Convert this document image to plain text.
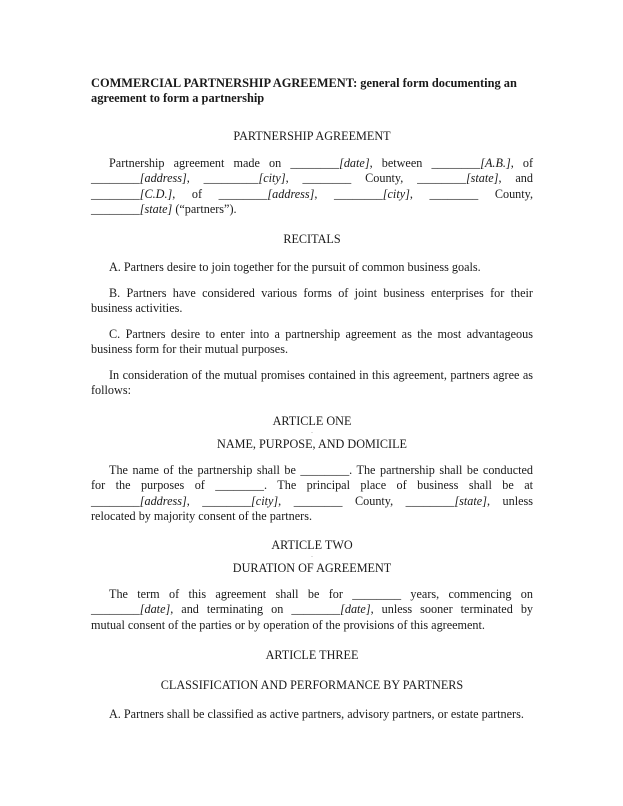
COMMERCIAL PARTNERSHIP AGREEMENT: general form documenting an
agreement to form a partnership

PARTNERSHIP AGREEMENT

Partnership agreement made on ________[date], between ________[A.B.], of

________[address], _________[city], ________ County, ________[state], and

________[C.D.], of ________[address], ________[city], ________ County,

________[state] (“partners”).

RECITALS

A. Partners desire to join together for the pursuit of common business goals.

B. Partners have considered various forms of joint business enterprises for their

business activities.

C. Partners desire to enter into a partnership agreement as the most advantageous

business form for their mutual purposes.

In consideration of the mutual promises contained in this agreement, partners agree as

follows:

ARTICLE ONE

.

NAME, PURPOSE, AND DOMICILE

The name of the partnership shall be ________. The partnership shall be conducted

for the purposes of ________. The principal place of business shall be at

________[address], ________[city], ________ County, ________[state], unless

relocated by majority consent of the partners.

ARTICLE TWO

.

DURATION OF AGREEMENT

The term of this agreement shall be for ________ years, commencing on

________[date], and terminating on ________[date], unless sooner terminated by

mutual consent of the parties or by operation of the provisions of this agreement.

ARTICLE THREE

CLASSIFICATION AND PERFORMANCE BY PARTNERS

A. Partners shall be classified as active partners, advisory partners, or estate partners.
